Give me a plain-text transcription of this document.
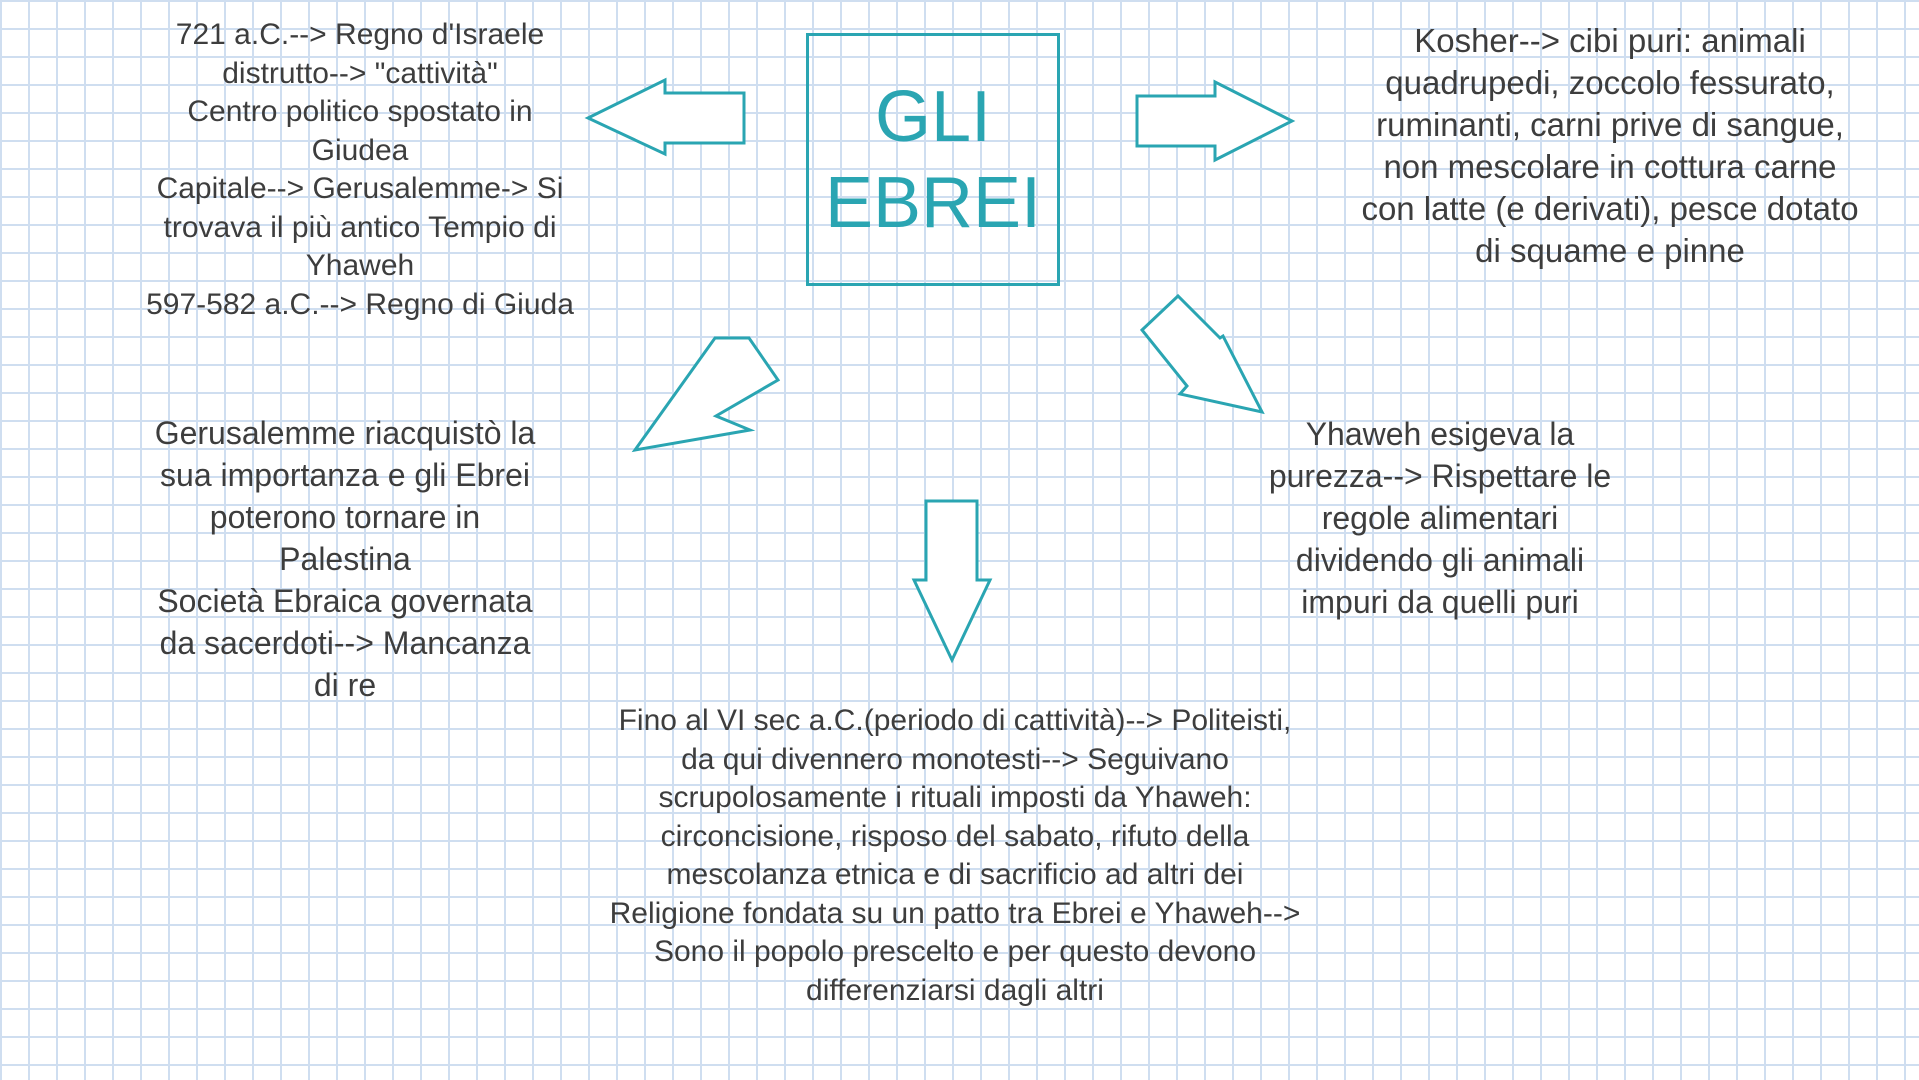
721 a.C.--> Regno d'Israele
distrutto--> "cattività"
Centro politico spostato in
Giudea
Capitale--> Gerusalemme-> Si
trovava il più antico Tempio di
Yhaweh
597-582 a.C.--> Regno di Giuda
GLI
EBREI
Kosher--> cibi puri: animali
quadrupedi, zoccolo fessurato,
ruminanti, carni prive di sangue,
non mescolare in cottura carne
con latte (e derivati), pesce dotato
di squame e pinne
Gerusalemme riacquistò la
sua importanza e gli Ebrei
poterono tornare in
Palestina
Società Ebraica governata
da sacerdoti--> Mancanza
di re
Yhaweh esigeva la
purezza--> Rispettare le
regole alimentari
dividendo gli animali
impuri da quelli puri
Fino al VI sec a.C.(periodo di cattività)--> Politeisti,
da qui divennero monotesti--> Seguivano
scrupolosamente i rituali imposti da Yhaweh:
circoncisione, risposo del sabato, rifuto della
mescolanza etnica e di sacrificio ad altri dei
Religione fondata su un patto tra Ebrei e Yhaweh-->
Sono il popolo prescelto e per questo devono
differenziarsi dagli altri
